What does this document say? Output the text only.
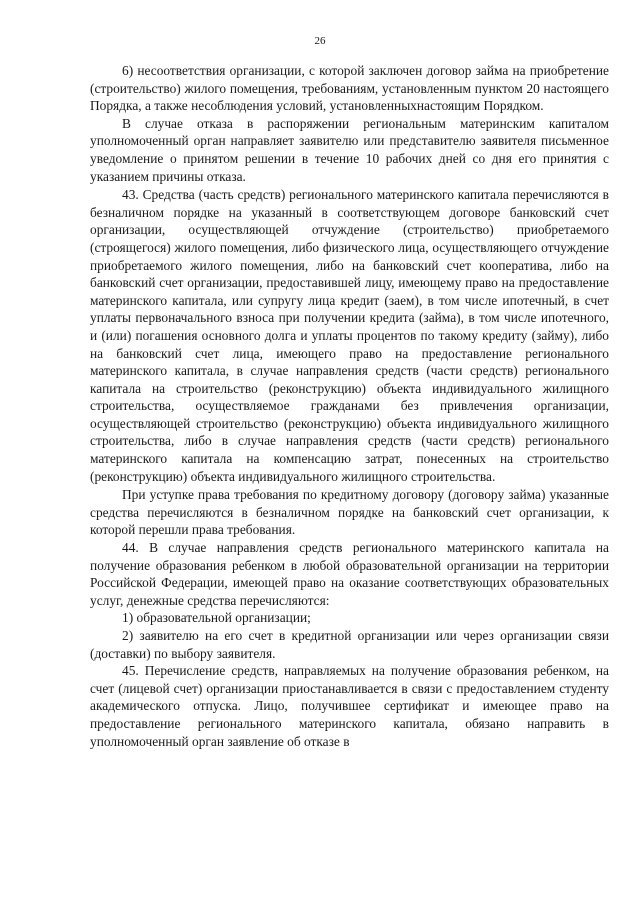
26

6) несоответствия организации, с которой заключен договор займа на приобретение (строительство) жилого помещения, требованиям, установленным пунктом 20 настоящего Порядка, а также несоблюдения условий, установленныхнастоящим Порядком.

В случае отказа в распоряжении региональным материнским капиталом уполномоченный орган направляет заявителю или представителю заявителя письменное уведомление о принятом решении в течение 10 рабочих дней со дня его принятия с указанием причины отказа.

43. Средства (часть средств) регионального материнского капитала перечисляются в безналичном порядке на указанный в соответствующем договоре банковский счет организации, осуществляющей отчуждение (строительство) приобретаемого (строящегося) жилого помещения, либо физического лица, осуществляющего отчуждение приобретаемого жилого помещения, либо на банковский счет кооператива, либо на банковский счет организации, предоставившей лицу, имеющему право на предоставление материнского капитала, или супругу лица кредит (заем), в том числе ипотечный, в счет уплаты первоначального взноса при получении кредита (займа), в том числе ипотечного, и (или) погашения основного долга и уплаты процентов по такому кредиту (займу), либо на банковский счет лица, имеющего право на предоставление регионального материнского капитала, в случае направления средств (части средств) регионального капитала на строительство (реконструкцию) объекта индивидуального жилищного строительства, осуществляемое гражданами без привлечения организации, осуществляющей строительство (реконструкцию) объекта индивидуального жилищного строительства, либо в случае направления средств (части средств) регионального материнского капитала на компенсацию затрат, понесенных на строительство (реконструкцию) объекта индивидуального жилищного строительства.

При уступке права требования по кредитному договору (договору займа) указанные средства перечисляются в безналичном порядке на банковский счет организации, к которой перешли права требования.

44. В случае направления средств регионального материнского капитала на получение образования ребенком в любой образовательной организации на территории Российской Федерации, имеющей право на оказание соответствующих образовательных услуг, денежные средства перечисляются:

1) образовательной организации;

2) заявителю на его счет в кредитной организации или через организации связи (доставки) по выбору заявителя.

45. Перечисление средств, направляемых на получение образования ребенком, на счет (лицевой счет) организации приостанавливается в связи с предоставлением студенту академического отпуска. Лицо, получившее сертификат и имеющее право на предоставление регионального материнского капитала, обязано направить в уполномоченный орган заявление об отказе в
